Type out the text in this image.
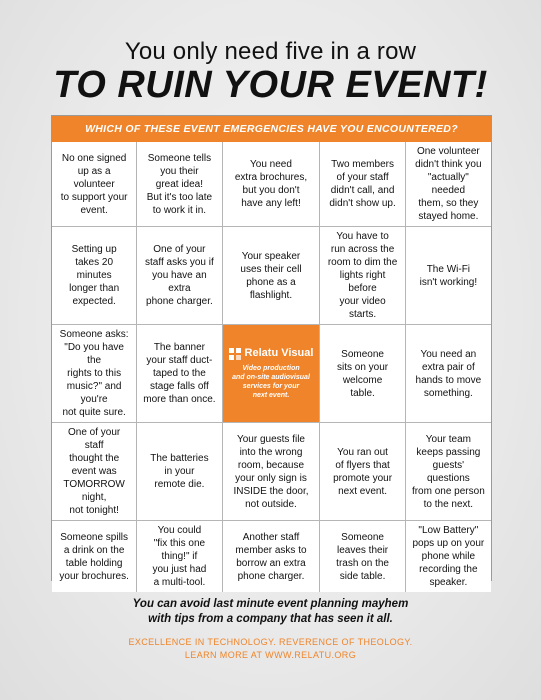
You only need five in a row
TO RUIN YOUR EVENT!
WHICH OF THESE EVENT EMERGENCIES HAVE YOU ENCOUNTERED?
No one signed
up as a volunteer
to support your
event.
Someone tells
you their
great idea!
But it's too late
to work it in.
You need
extra brochures,
but you don't
have any left!
Two members
of your staff
didn't call, and
didn't show up.
One volunteer
didn't think you
"actually" needed
them, so they
stayed home.
Setting up
takes 20 minutes
longer than
expected.
One of your
staff asks you if
you have an extra
phone charger.
Your speaker
uses their cell
phone as a
flashlight.
You have to
run across the
room to dim the
lights right before
your video starts.
The Wi-Fi
isn't working!
Someone asks:
"Do you have the
rights to this
music?" and you're
not quite sure.
The banner
your staff duct-
taped to the
stage falls off
more than once.

Relatu Visual
Video production
and on-site audiovisual
services for your
next event.
Someone
sits on your
welcome
table.
You need an
extra pair of
hands to move
something.
One of your staff
thought the
event was
TOMORROW night,
not tonight!
The batteries
in your
remote die.
Your guests file
into the wrong
room, because
your only sign is
INSIDE the door,
not outside.
You ran out
of flyers that
promote your
next event.
Your team
keeps passing
guests' questions
from one person
to the next.
Someone spills
a drink on the
table holding
your brochures.
You could
"fix this one
thing!" if
you just had
a multi-tool.
Another staff
member asks to
borrow an extra
phone charger.
Someone
leaves their
trash on the
side table.
"Low Battery"
pops up on your
phone while
recording the
speaker.
You can avoid last minute event planning mayhem
with tips from a company that has seen it all.
EXCELLENCE IN TECHNOLOGY. REVERENCE OF THEOLOGY.
LEARN MORE AT WWW.RELATU.ORG
